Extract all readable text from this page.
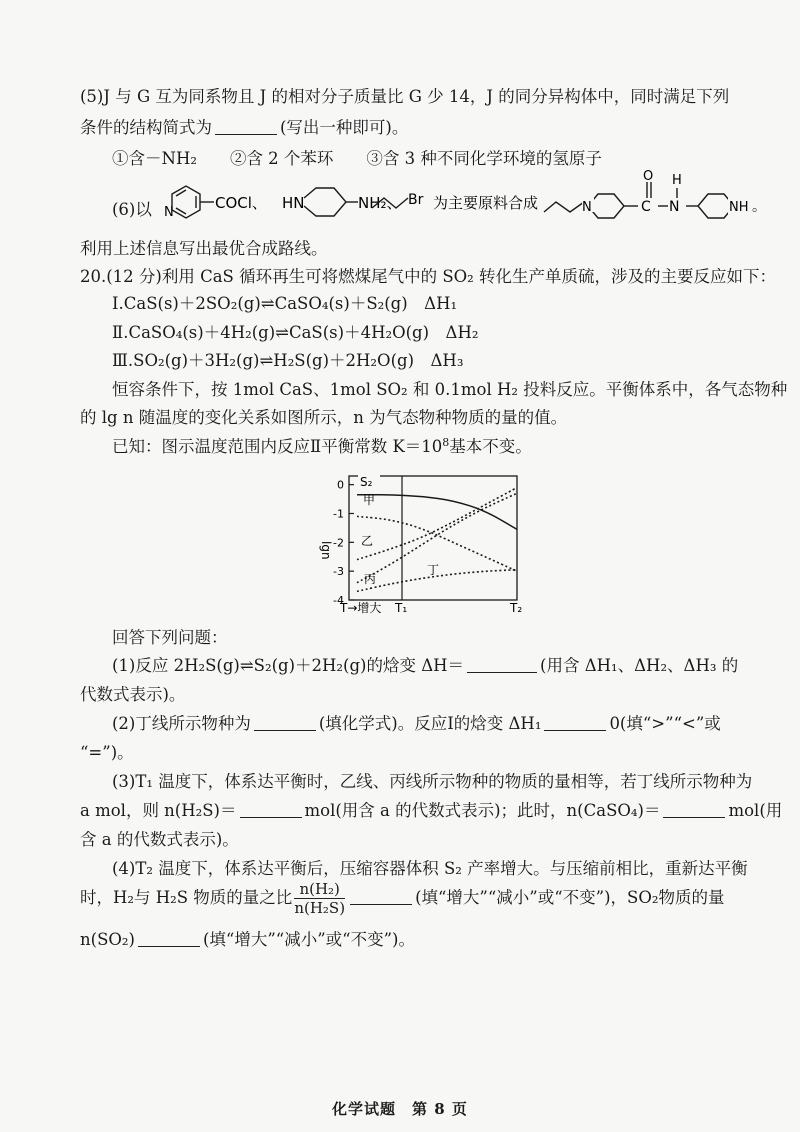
(5)J 与 G 互为同系物且 J 的相对分子质量比 G 少 14，J 的同分异构体中，同时满足下列
条件的结构简式为	(写出一种即可)。
①含－NH₂　　②含 2 个苯环　　③含 3 种不同化学环境的氢原子
(6)以 N
COCl、 HN	NH₂、 Br 为主要原料合成	N
O H
C N	NH 。
利用上述信息写出最优合成路线。
20.(12 分)利用 CaS 循环再生可将燃煤尾气中的 SO₂ 转化生产单质硫，涉及的主要反应如下：
Ⅰ.CaS(s)＋2SO₂(g)⇌CaSO₄(s)＋S₂(g)　ΔH₁
Ⅱ.CaSO₄(s)＋4H₂(g)⇌CaS(s)＋4H₂O(g)　ΔH₂
Ⅲ.SO₂(g)＋3H₂(g)⇌H₂S(g)＋2H₂O(g)　ΔH₃
恒容条件下，按 1mol CaS、1mol SO₂ 和 0.1mol H₂ 投料反应。平衡体系中，各气态物种
的 lg n 随温度的变化关系如图所示，n 为气态物种物质的量的值。
已知：图示温度范围内反应Ⅱ平衡常数 $K=10^8$基本不变。
0
-1
-2
-3
-4
lgn
T→增大 T₁	T₂
S₂
甲
乙
丙
丁
回答下列问题：
(1)反应 2H₂S(g)⇌S₂(g)＋2H₂(g)的焓变 ΔH＝	(用含 ΔH₁、ΔH₂、ΔH₃ 的
代数式表示)。
(2)丁线所示物种为	(填化学式)。反应Ⅰ的焓变 ΔH₁	0(填“>”“<”或
“=”)。
(3)T₁ 温度下，体系达平衡时，乙线、丙线所示物种的物质的量相等，若丁线所示物种为
a mol，则 n(H₂S)＝	mol(用含 a 的代数式表示)；此时，n(CaSO₄)＝	mol(用
含 a 的代数式表示)。
(4)T₂ 温度下，体系达平衡后，压缩容器体积 S₂ 产率增大。与压缩前相比，重新达平衡
时，H₂与 H₂S 物质的量之比 $\frac{\text{n(H₂)}}{\text{n(H₂S)}}$	(填“增大”“减小”或“不变”)，SO₂物质的量
n(SO₂)	(填“增大”“减小”或“不变”)。
化学试题　第 8 页
